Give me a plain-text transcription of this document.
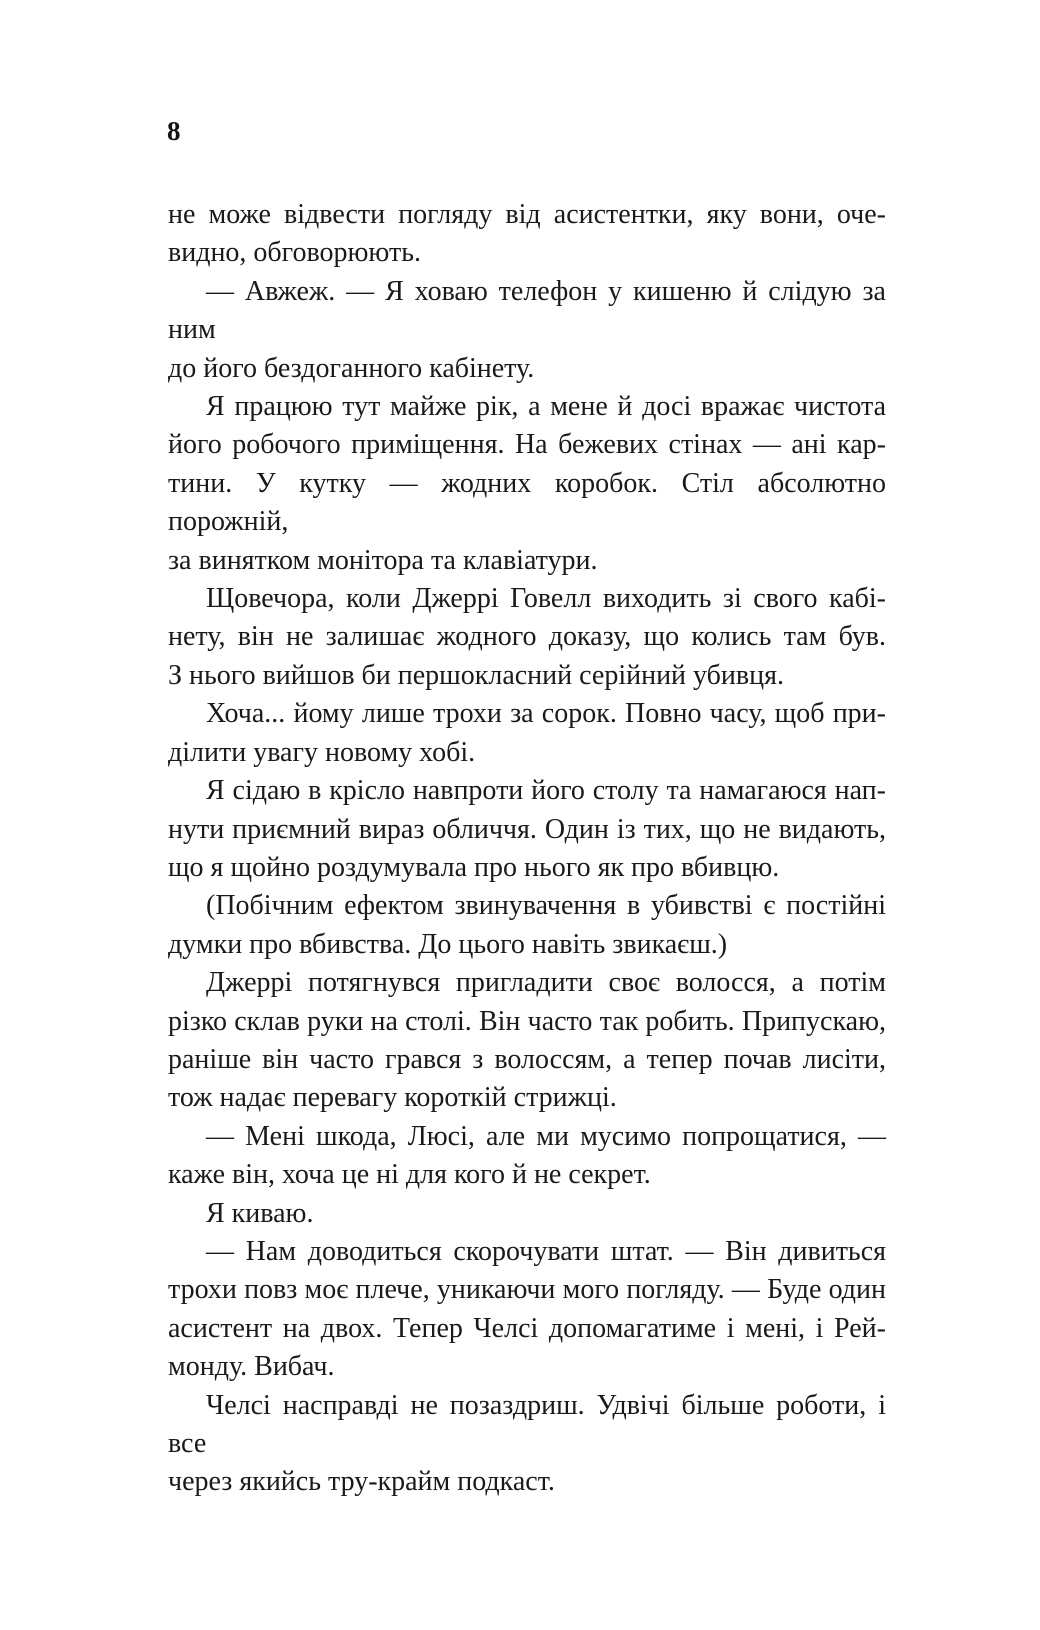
8
не може відвести погляду від асистентки, яку вони, оче-
видно, обговорюють.
— Авжеж. — Я ховаю телефон у кишеню й слідую за ним
до його бездоганного кабінету.
Я працюю тут майже рік, а мене й досі вражає чистота
його робочого приміщення. На бежевих стінах — ані кар-
тини. У кутку — жодних коробок. Стіл абсолютно порожній,
за винятком монітора та клавіатури.
Щовечора, коли Джеррі Говелл виходить зі свого кабі-
нету, він не залишає жодного доказу, що колись там був.
З нього вийшов би першокласний серійний убивця.
Хоча... йому лише трохи за сорок. Повно часу, щоб при-
ділити увагу новому хобі.
Я сідаю в крісло навпроти його столу та намагаюся нап-
нути приємний вираз обличчя. Один із тих, що не видають,
що я щойно роздумувала про нього як про вбивцю.
(Побічним ефектом звинувачення в убивстві є постійні
думки про вбивства. До цього навіть звикаєш.)
Джеррі потягнувся пригладити своє волосся, а потім
різко склав руки на столі. Він часто так робить. Припускаю,
раніше він часто грався з волоссям, а тепер почав лисіти,
тож надає перевагу короткій стрижці.
— Мені шкода, Люсі, але ми мусимо попрощатися, —
каже він, хоча це ні для кого й не секрет.
Я киваю.
— Нам доводиться скорочувати штат. — Він дивиться
трохи повз моє плече, уникаючи мого погляду. — Буде один
асистент на двох. Тепер Челсі допомагатиме і мені, і Рей-
монду. Вибач.
Челсі насправді не позаздриш. Удвічі більше роботи, і все
через якийсь тру-крайм подкаст.
